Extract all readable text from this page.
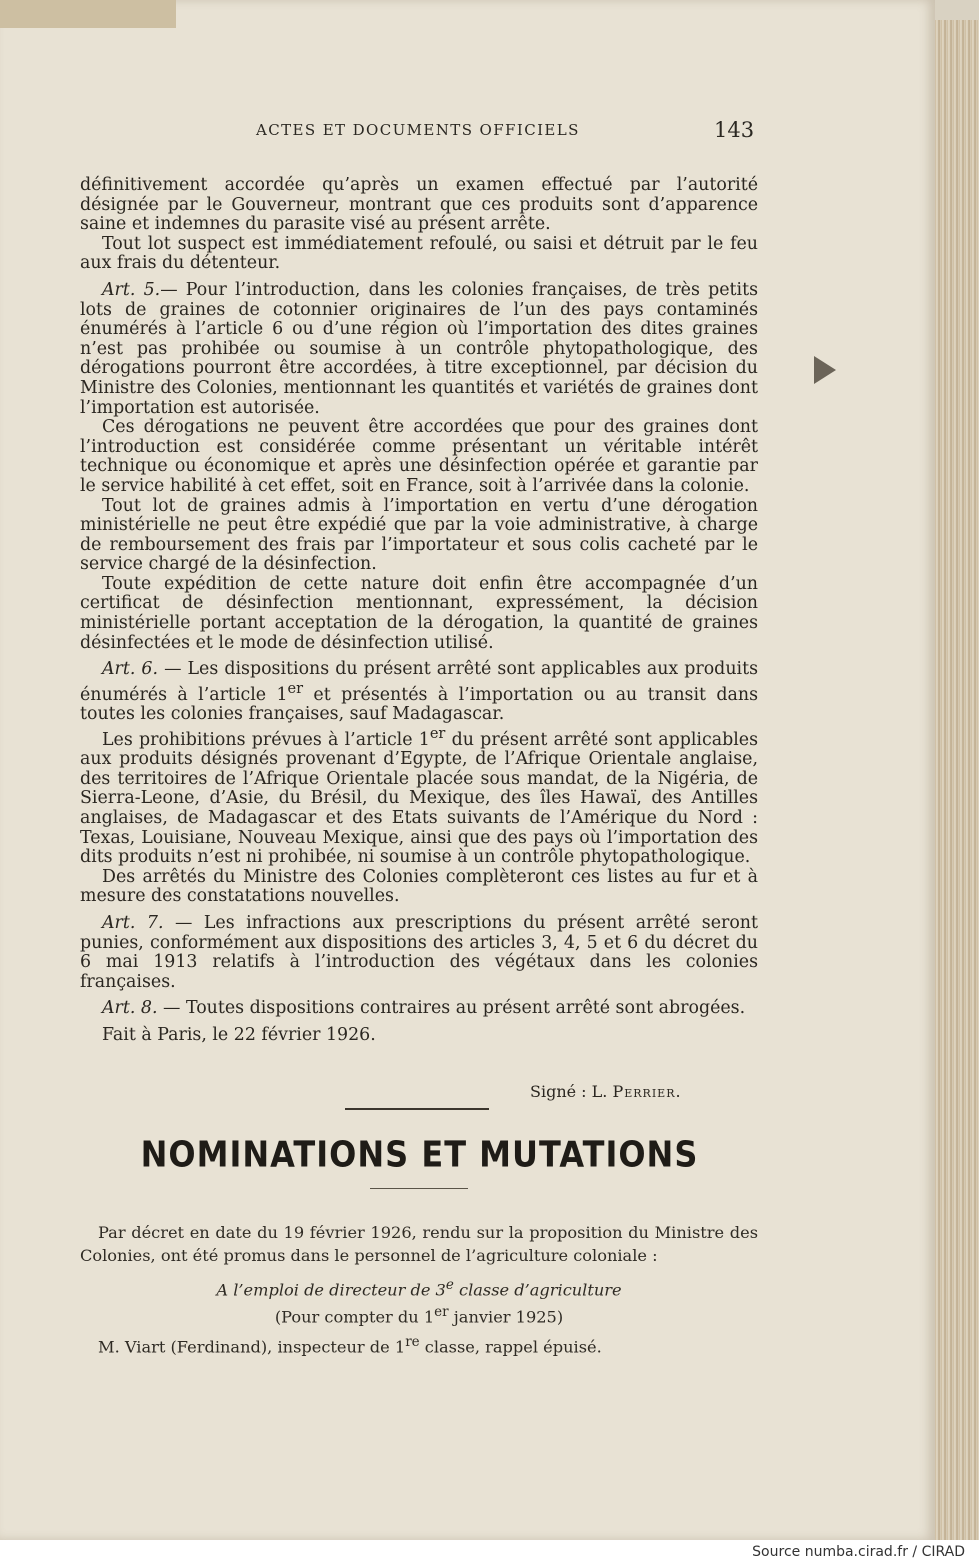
ACTES ET DOCUMENTS OFFICIELS	143

définitivement accordée qu’après un examen effectué par l’autorité désignée par le Gouverneur, montrant que ces produits sont d’apparence saine et indemnes du parasite visé au présent arrête.

Tout lot suspect est immédiatement refoulé, ou saisi et détruit par le feu aux frais du détenteur.

Art. 5.— Pour l’introduction, dans les colonies françaises, de très petits lots de graines de cotonnier originaires de l’un des pays contaminés énumérés à l’article 6 ou d’une région où l’importation des dites graines n’est pas prohibée ou soumise à un contrôle phytopathologique, des dérogations pourront être accordées, à titre exceptionnel, par décision du Ministre des Colonies, mentionnant les quantités et variétés de graines dont l’importation est autorisée.

Ces dérogations ne peuvent être accordées que pour des graines dont l’introduction est considérée comme présentant un véritable intérêt technique ou économique et après une désinfection opérée et garantie par le service habilité à cet effet, soit en France, soit à l’arrivée dans la colonie.

Tout lot de graines admis à l’importation en vertu d’une dérogation ministérielle ne peut être expédié que par la voie administrative, à charge de remboursement des frais par l’importateur et sous colis cacheté par le service chargé de la désinfection.

Toute expédition de cette nature doit enfin être accompagnée d’un certificat de désinfection mentionnant, expressément, la décision ministérielle portant acceptation de la dérogation, la quantité de graines désinfectées et le mode de désinfection utilisé.

Art. 6. — Les dispositions du présent arrêté sont applicables aux produits énumérés à l’article 1er et présentés à l’importation ou au transit dans toutes les colonies françaises, sauf Madagascar.

Les prohibitions prévues à l’article 1er du présent arrêté sont applicables aux produits désignés provenant d’Egypte, de l’Afrique Orientale anglaise, des territoires de l’Afrique Orientale placée sous mandat, de la Nigéria, de Sierra-Leone, d’Asie, du Brésil, du Mexique, des îles Hawaï, des Antilles anglaises, de Madagascar et des Etats suivants de l’Amérique du Nord : Texas, Louisiane, Nouveau Mexique, ainsi que des pays où l’importation des dits produits n’est ni prohibée, ni soumise à un contrôle phytopathologique.

Des arrêtés du Ministre des Colonies complèteront ces listes au fur et à mesure des constatations nouvelles.

Art. 7. — Les infractions aux prescriptions du présent arrêté seront punies, conformément aux dispositions des articles 3, 4, 5 et 6 du décret du 6 mai 1913 relatifs à l’introduction des végétaux dans les colonies françaises.

Art. 8. — Toutes dispositions contraires au présent arrêté sont abrogées.

Fait à Paris, le 22 février 1926.

Signé : L. Perrier.
NOMINATIONS ET MUTATIONS

Par décret en date du 19 février 1926, rendu sur la proposition du Ministre des Colonies, ont été promus dans le personnel de l’agriculture coloniale :

A l’emploi de directeur de 3e classe d’agriculture

(Pour compter du 1er janvier 1925)

M. Viart (Ferdinand), inspecteur de 1re classe, rappel épuisé.

Source numba.cirad.fr / CIRAD
